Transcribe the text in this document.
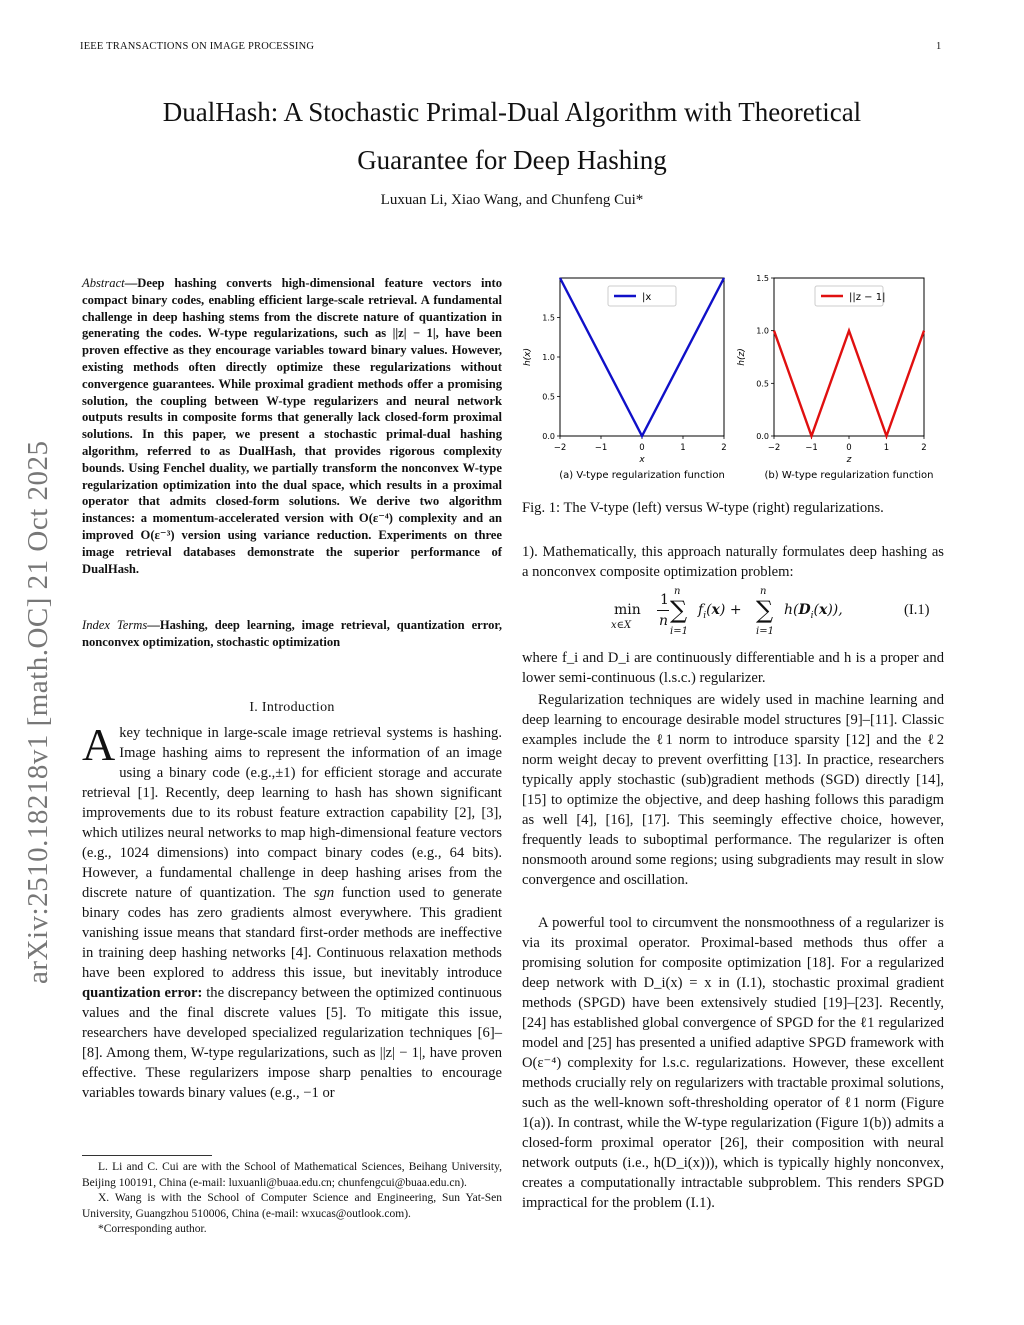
IEEE TRANSACTIONS ON IMAGE PROCESSING	1
DualHash: A Stochastic Primal-Dual Algorithm with Theoretical
Guarantee for Deep Hashing
Luxuan Li, Xiao Wang, and Chunfeng Cui*
arXiv:2510.18218v1 [math.OC] 21 Oct 2025
Abstract—Deep hashing converts high-dimensional feature vectors into compact binary codes, enabling efficient large-scale retrieval. A fundamental challenge in deep hashing stems from the discrete nature of quantization in generating the codes. W-type regularizations, such as ||z| − 1|, have been proven effective as they encourage variables toward binary values. However, existing methods often directly optimize these regularizations without convergence guarantees. While proximal gradient methods offer a promising solution, the coupling between W-type regularizers and neural network outputs results in composite forms that generally lack closed-form proximal solutions. In this paper, we present a stochastic primal-dual hashing algorithm, referred to as DualHash, that provides rigorous complexity bounds. Using Fenchel duality, we partially transform the nonconvex W-type regularization optimization into the dual space, which results in a proximal operator that admits closed-form solutions. We derive two algorithm instances: a momentum-accelerated version with O(ε⁻⁴) complexity and an improved O(ε⁻³) version using variance reduction. Experiments on three image retrieval databases demonstrate the superior performance of DualHash.
Index Terms—Hashing, deep learning, image retrieval, quantization error, nonconvex optimization, stochastic optimization
I. Introduction
A key technique in large-scale image retrieval systems is hashing. Image hashing aims to represent the information of an image using a binary code (e.g.,±1) for efficient storage and accurate retrieval [1]. Recently, deep learning to hash has shown significant improvements due to its robust feature extraction capability [2], [3], which utilizes neural networks to map high-dimensional feature vectors (e.g., 1024 dimensions) into compact binary codes (e.g., 64 bits). However, a fundamental challenge in deep hashing arises from the discrete nature of quantization. The sgn function used to generate binary codes has zero gradients almost everywhere. This gradient vanishing issue means that standard first-order methods are ineffective in training deep hashing networks [4]. Continuous relaxation methods have been explored to address this issue, but inevitably introduce quantization error: the discrepancy between the optimized continuous values and the final discrete values [5]. To mitigate this issue, researchers have developed specialized regularization techniques [6]–[8]. Among them, W-type regularizations, such as ||z| − 1|, have proven effective. These regularizers impose sharp penalties to encourage variables towards binary values (e.g., −1 or
L. Li and C. Cui are with the School of Mathematical Sciences, Beihang University, Beijing 100191, China (e-mail: luxuanli@buaa.edu.cn; chunfengcui@buaa.edu.cn).
X. Wang is with the School of Computer Science and Engineering, Sun Yat-Sen University, Guangzhou 510006, China (e-mail: wxucas@outlook.com).
*Corresponding author.
−2	−1	0	1	2
0.0
0.5
1.0
1.5
|x
h(x)
x
(a) V-type regularization function
−2	−1	0	1	2
0.0
0.5
1.0
1.5
||z − 1|
h(z)
z
(b) W-type regularization function
Fig. 1: The V-type (left) versus W-type (right) regularizations.
1). Mathematically, this approach naturally formulates deep hashing as a nonconvex composite optimization problem:
min
x∈X
1
n
n
∑
i=1
$f_i(x)$ +
n
∑
i=1
$h(D_i(x))$,	(I.1)
where f_i and D_i are continuously differentiable and h is a proper and lower semi-continuous (l.s.c.) regularizer.
Regularization techniques are widely used in machine learning and deep learning to encourage desirable model structures [9]–[11]. Classic examples include the ℓ1 norm to introduce sparsity [12] and the ℓ2 norm weight decay to prevent overfitting [13]. In practice, researchers typically apply stochastic (sub)gradient methods (SGD) directly [14], [15] to optimize the objective, and deep hashing follows this paradigm as well [4], [16], [17]. This seemingly effective choice, however, frequently leads to suboptimal performance. The regularizer is often nonsmooth around some regions; using subgradients may result in slow convergence and oscillation.
A powerful tool to circumvent the nonsmoothness of a regularizer is via its proximal operator. Proximal-based methods thus offer a promising solution for composite optimization [18]. For a regularized deep network with D_i(x) = x in (I.1), stochastic proximal gradient methods (SPGD) have been extensively studied [19]–[23]. Recently, [24] has established global convergence of SPGD for the ℓ1 regularized model and [25] has presented a unified adaptive SPGD framework with O(ε⁻⁴) complexity for l.s.c. regularizations. However, these excellent methods crucially rely on regularizers with tractable proximal solutions, such as the well-known soft-thresholding operator of ℓ1 norm (Figure 1(a)). In contrast, while the W-type regularization (Figure 1(b)) admits a closed-form proximal operator [26], their composition with neural network outputs (i.e., h(D_i(x))), which is typically highly nonconvex, creates a computationally intractable subproblem. This renders SPGD impractical for the problem (I.1).
